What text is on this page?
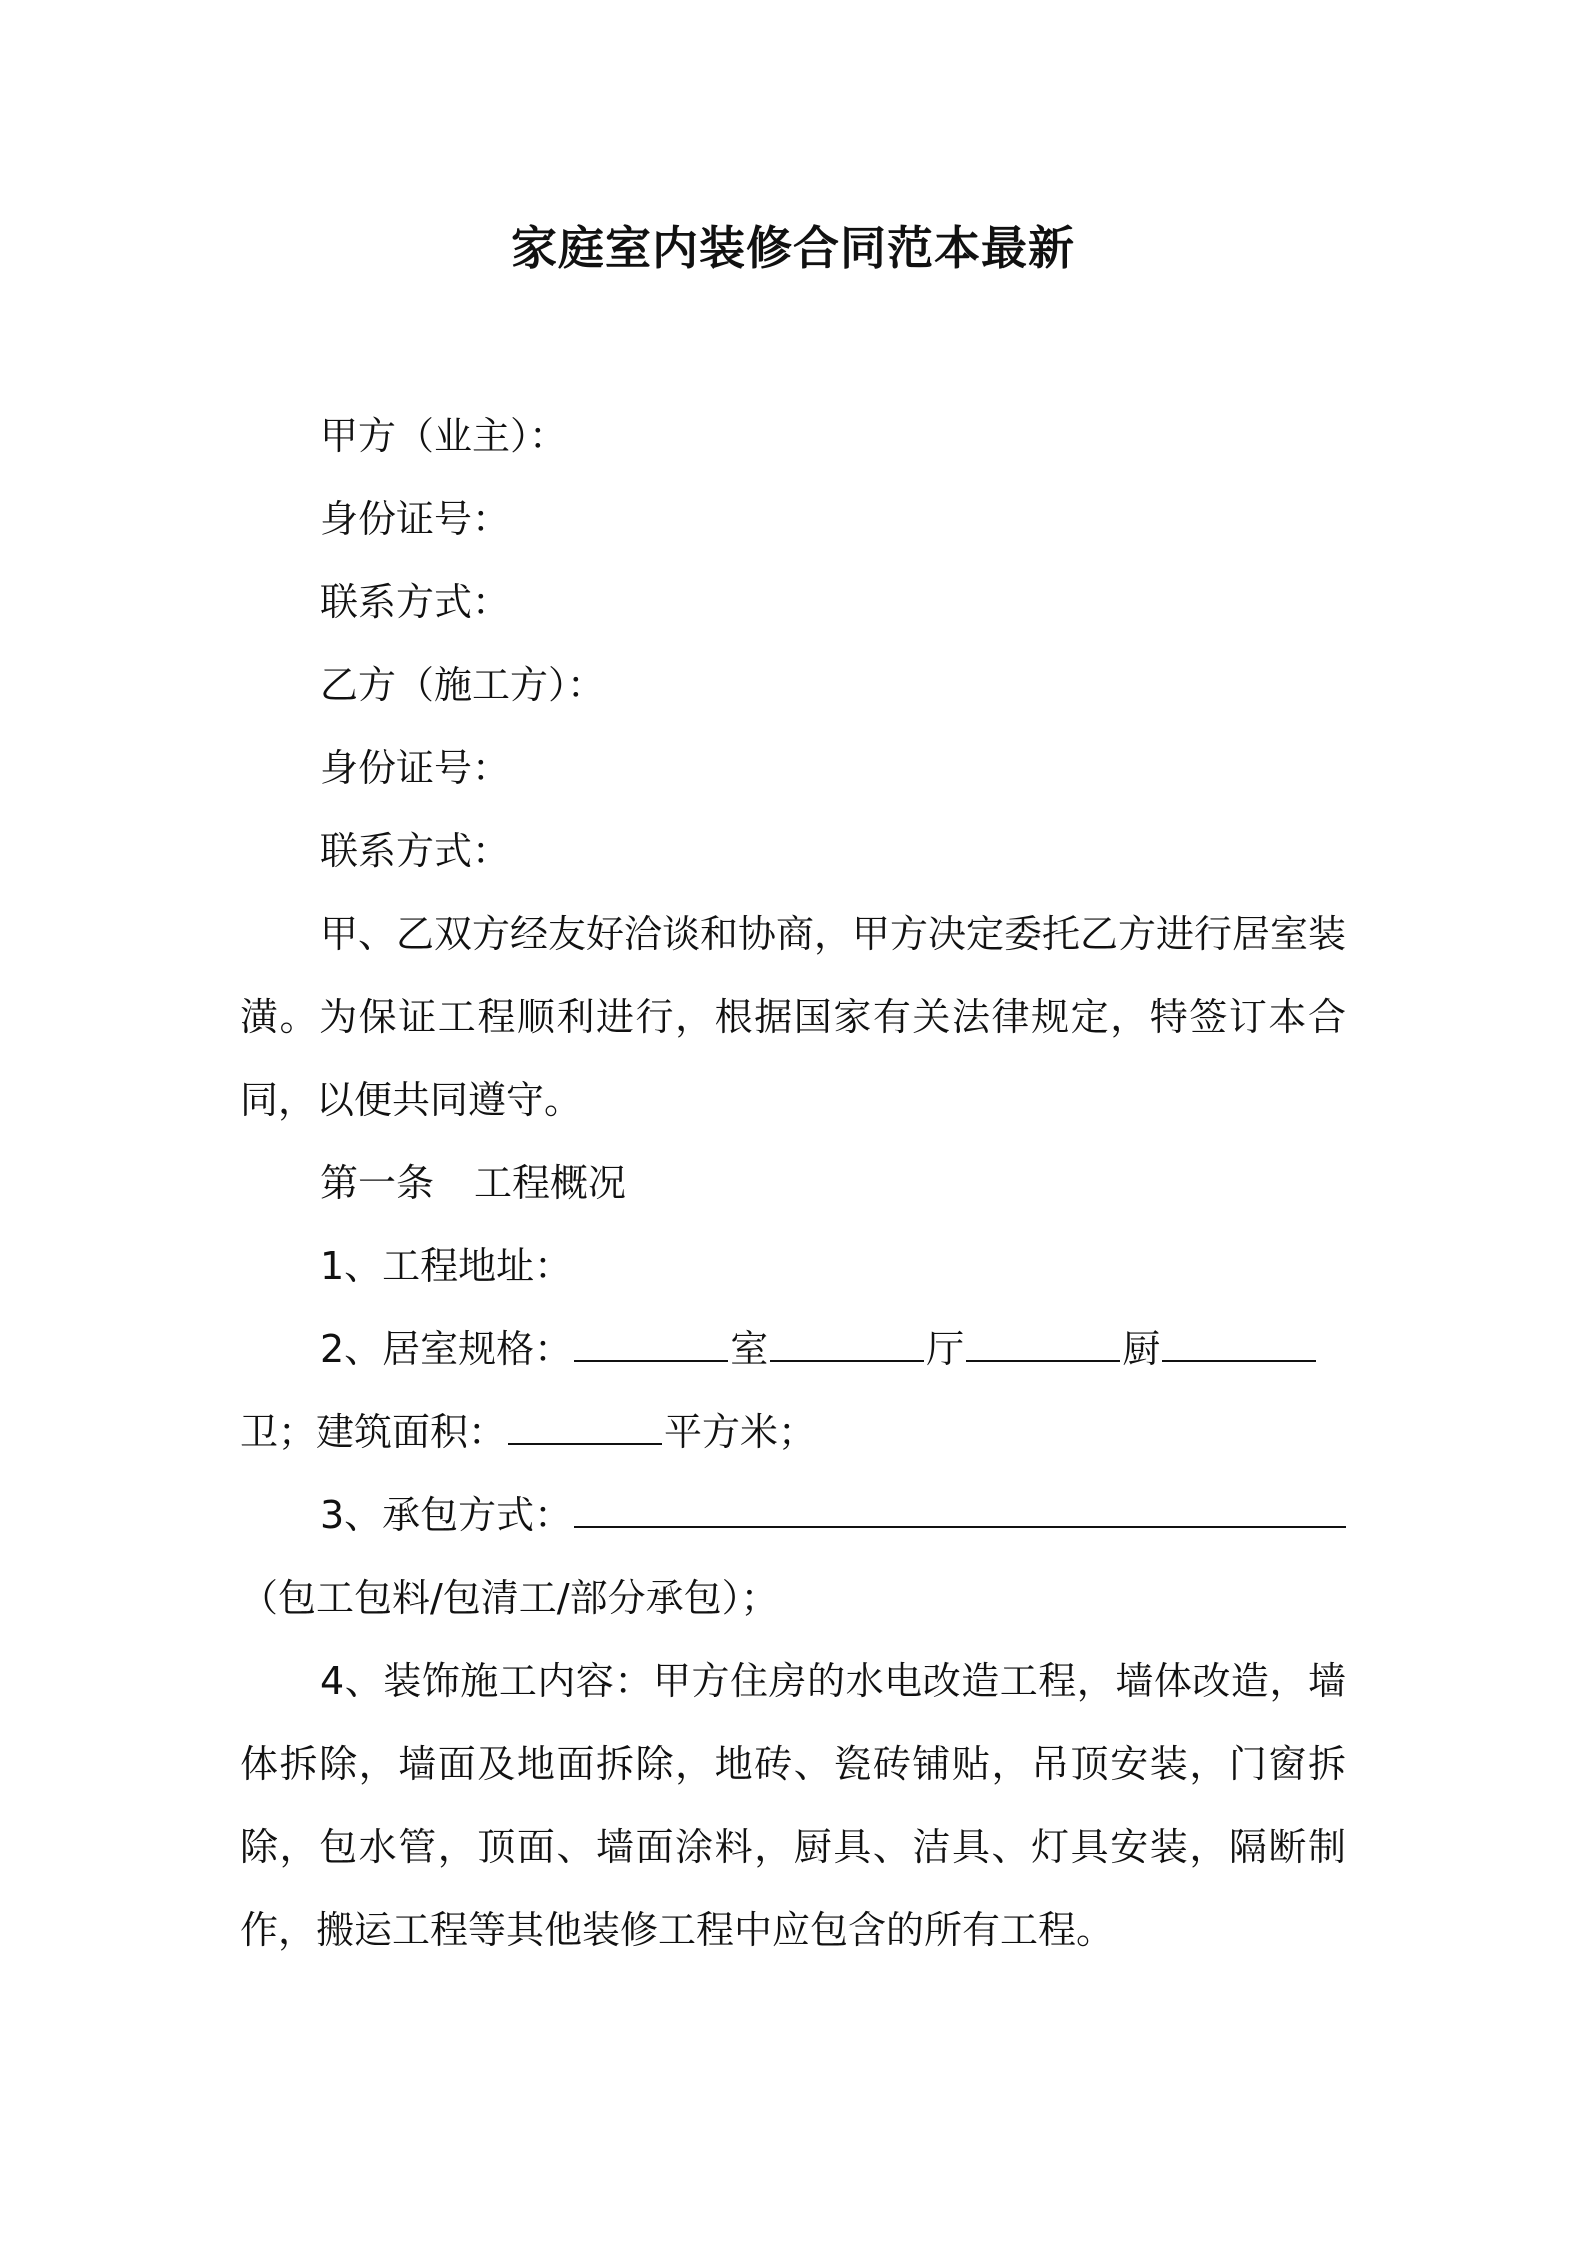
家庭室内装修合同范本最新
甲方（业主）：
身份证号：
联系方式：
乙方（施工方）：
身份证号：
联系方式：
甲、乙双方经友好洽谈和协商，甲方决定委托乙方进行居室装潢。为保证工程顺利进行，根据国家有关法律规定，特签订本合同，以便共同遵守。
第一条 工程概况
1、工程地址：
2、居室规格：	室	厅	厨
卫；建筑面积：	平方米；
3、承包方式：
（包工包料/包清工/部分承包）；
4、装饰施工内容：甲方住房的水电改造工程，墙体改造，墙体拆除，墙面及地面拆除，地砖、瓷砖铺贴，吊顶安装，门窗拆除，包水管，顶面、墙面涂料，厨具、洁具、灯具安装，隔断制作，搬运工程等其他装修工程中应包含的所有工程。
